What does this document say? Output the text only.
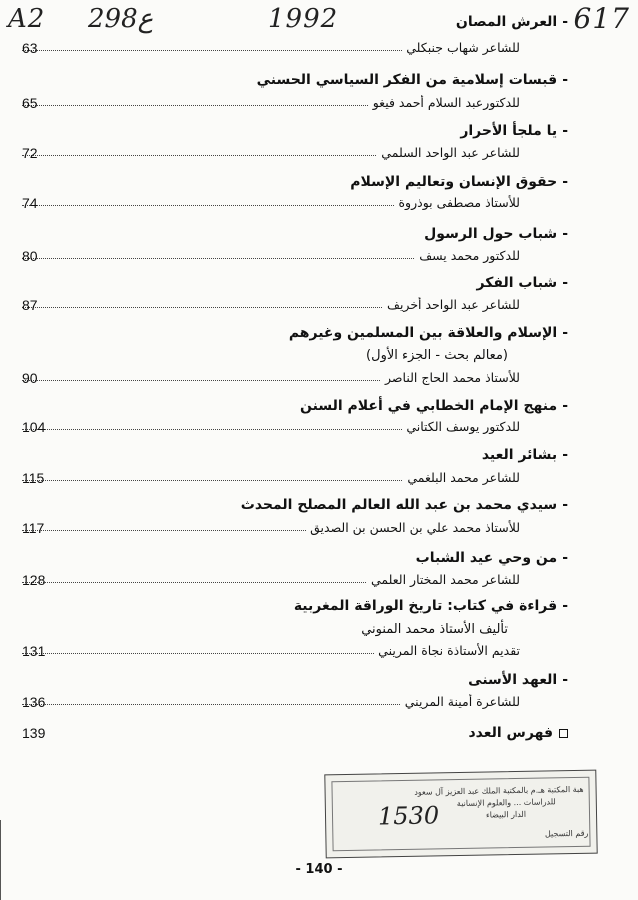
A2 298ع	1992	617
-العرش المصان
للشاعر شهاب جنبكلي
63
-قبسات إسلامية من الفكر السياسي الحسني
للدكتورعبد السلام أحمد فيغو
65
-يا ملجأ الأحرار
للشاعر عبد الواحد السلمي
72
-حقوق الإنسان وتعاليم الإسلام
للأستاذ مصطفى بوذروة
74
-شباب حول الرسول
للدكتور محمد يسف
80
-شباب الفكر
للشاعر عبد الواحد أخريف
87
-الإسلام والعلاقة بين المسلمين وغيرهم
(معالم بحث - الجزء الأول)
للأستاذ محمد الحاج الناصر
90
-منهج الإمام الخطابي في أعلام السنن
للدكتور يوسف الكتاني
104
-بشائر العيد
للشاعر محمد البلغمي
115
-سيدي محمد بن عبد الله العالم المصلح المحدث
للأستاذ محمد علي بن الحسن بن الصديق
117
-من وحي عيد الشباب
للشاعر محمد المختار العلمي
128
-قراءة في كتاب: تاريخ الوراقة المغربية
تأليف الأستاذ محمد المنوني
تقديم الأستاذة نجاة المريني
131
-العهد الأسنى
للشاعرة أمينة المريني
136
فهرس العدد
139
هبة المكتبة هـ.م بالمكتبة الملك عبد العزيز آل سعود
للدراسات ... والعلوم الإنسانية
الدار البيضاء
رقم التسجيل
1530
- 140 -
